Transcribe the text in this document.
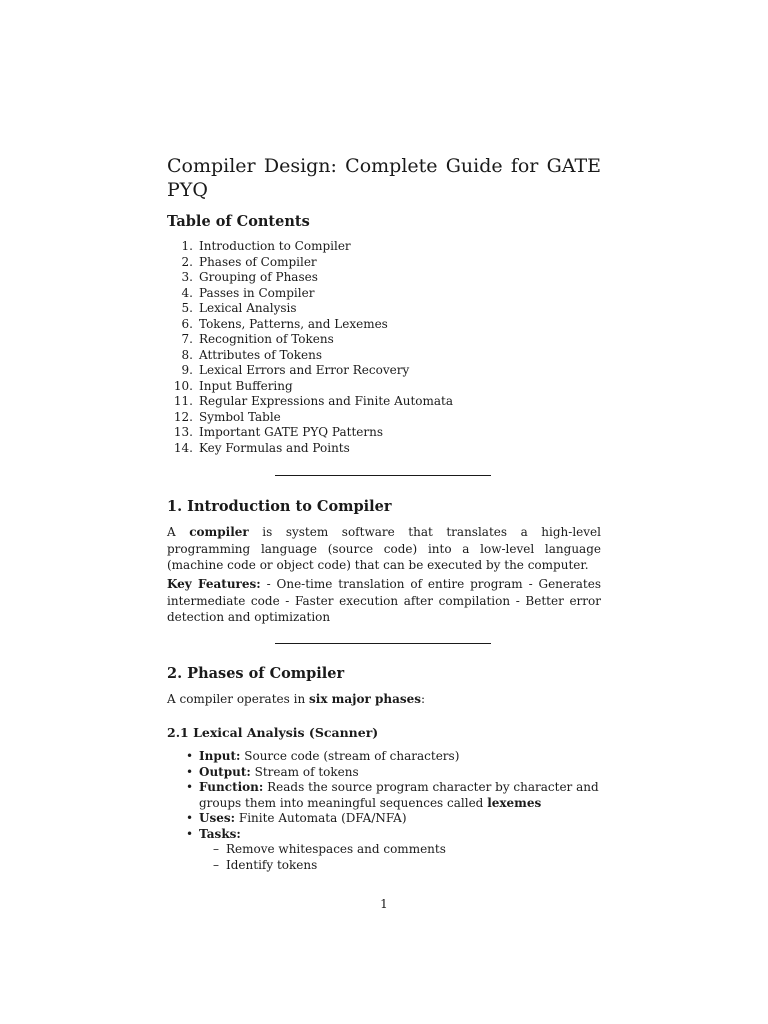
Compiler Design: Complete Guide for GATE PYQ
Table of Contents
1. Introduction to Compiler
2. Phases of Compiler
3. Grouping of Phases
4. Passes in Compiler
5. Lexical Analysis
6. Tokens, Patterns, and Lexemes
7. Recognition of Tokens
8. Attributes of Tokens
9. Lexical Errors and Error Recovery
10. Input Buffering
11. Regular Expressions and Finite Automata
12. Symbol Table
13. Important GATE PYQ Patterns
14. Key Formulas and Points
1. Introduction to Compiler

A compiler is system software that translates a high-level programming language (source code) into a low-level language (machine code or object code) that can be executed by the computer.

Key Features: - One-time translation of entire program - Generates intermediate code - Faster execution after compilation - Better error detection and optimization

2. Phases of Compiler

A compiler operates in six major phases:

2.1 Lexical Analysis (Scanner)
• Input: Source code (stream of characters)
• Output: Stream of tokens
• Function: Reads the source program character by character and groups them into meaningful sequences called lexemes
• Uses: Finite Automata (DFA/NFA)
• Tasks:
– Remove whitespaces and comments
– Identify tokens
1
